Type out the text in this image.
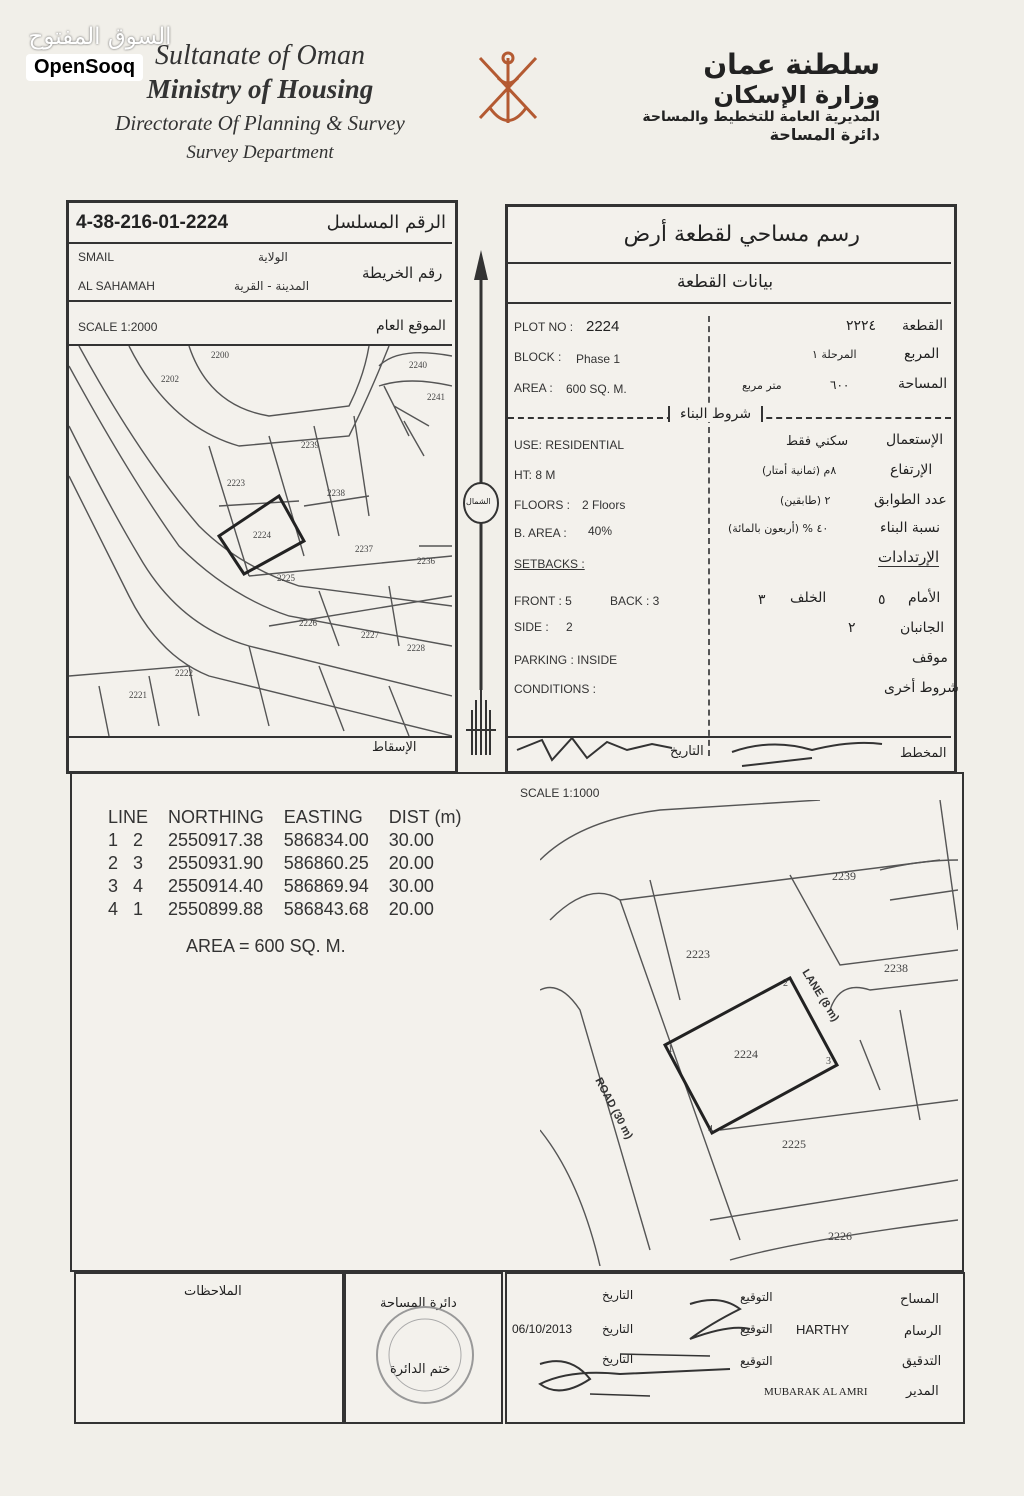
السوق المفتوح
OpenSooq Sultanate of Oman
Ministry of Housing
Directorate Of Planning & Survey
Survey Department
سلطنة عمان
وزارة الإسكان
المديرية العامة للتخطيط والمساحة
دائرة المساحة
4-38-216-01-2224	الرقم المسلسل
SMAIL	الولاية
رقم الخريطة
AL SAHAMAH	المدينة - القرية
SCALE 1:2000	الموقع العام
2200
2202
2240
2241
2239
2223
2238
2224
2237
2236
2225
2226
2227
2228
2222
2221
الإسقاط
الشمال
رسم مساحي لقطعة أرض
بيانات القطعة
PLOT NO : 2224	٢٢٢٤ القطعة
BLOCK : Phase 1	المرحلة ١	المربع
AREA : 600 SQ. M.	متر مربع	٦٠٠	المساحة
شروط البناء
USE: RESIDENTIAL	سكني فقط	الإستعمال
HT: 8 M	٨م (ثمانية أمتار)	الإرتفاع
FLOORS : 2 Floors	٢ (طابقين)	عدد الطوابق
B. AREA : 40%	٤٠ % (أربعون بالمائة)	نسبة البناء
SETBACKS :	الإرتدادات
FRONT : 5	BACK : 3	٣ الخلف	٥ الأمام
SIDE : 2	٢	الجانبان
PARKING : INSIDE	موقف
CONDITIONS :	شروط أخرى
التاريخ	المخطط
SCALE 1:1000
LINE	NORTHING	EASTING	DIST (m)
1   2	2550917.38	586834.00	30.00
2   3	2550931.90	586860.25	20.00
3   4	2550914.40	586869.94	30.00
4   1	2550899.88	586843.68	20.00
AREA = 600 SQ. M.
2239
2223
2238
2224
2225
2226
1
2
3
4
ROAD (30 m)
LANE (8 m)
الملاحظات
دائرة المساحة
ختم الدائرة
المساح
التوقيع
التاريخ
الرسام
HARTHY
التوقيع
التاريخ
06/10/2013
التدقيق
التوقيع
التاريخ
المدير
MUBARAK AL AMRI
